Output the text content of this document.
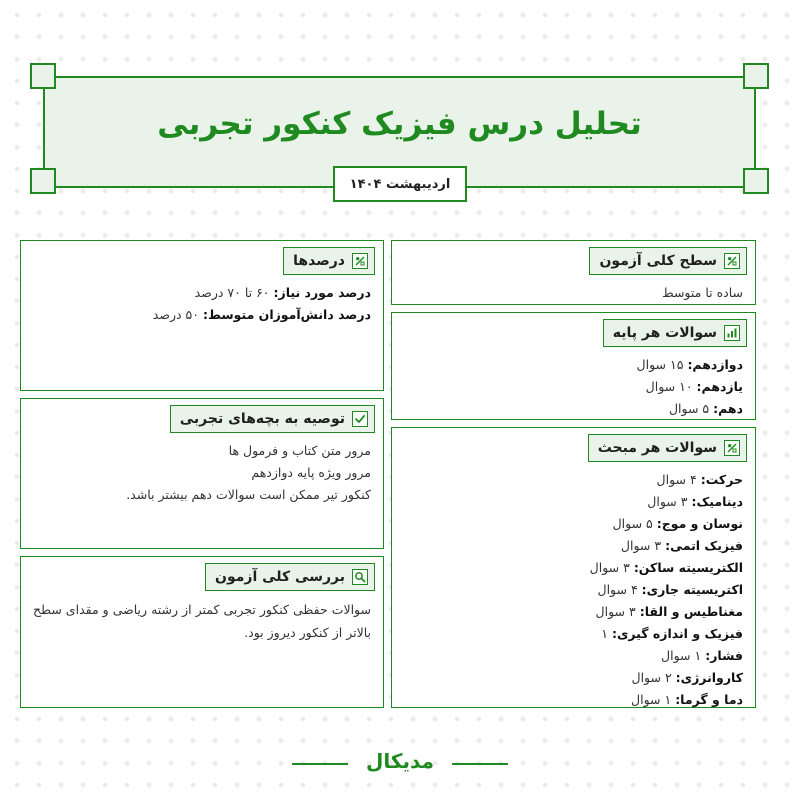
تحلیل درس فیزیک کنکور تجربی
اردیبهشت ۱۴۰۴
سطح کلی آزمون
ساده تا متوسط
سوالات هر پایه
دوازدهم: ۱۵ سوال
یازدهم: ۱۰ سوال
دهم: ۵ سوال
سوالات هر مبحث
حرکت: ۴ سوال
دینامیک: ۳ سوال
نوسان و موج: ۵ سوال
فیزیک اتمی: ۳ سوال
الکتریسیته ساکن: ۳ سوال
اکتریسیته جاری: ۴ سوال
مغناطیس و القا: ۳ سوال
فیزیک و اندازه گیری: ۱
فشار: ۱ سوال
کاروانرژی: ۲ سوال
دما و گرما: ۱ سوال
درصدها
درصد مورد نیاز: ۶۰ تا ۷۰ درصد
درصد دانش‌آموزان متوسط: ۵۰ درصد
توصیه به بچه‌های تجربی
مرور متن کتاب و فرمول ها
مرور ویژه پایه دوازدهم
کنکور تیر ممکن است سوالات دهم بیشتر باشد.
بررسی کلی آزمون
سوالات حفظی کنکور تجربی کمتر از رشته ریاضی و مقدای سطح بالاتر از کنکور دیروز بود.
مدیکال
